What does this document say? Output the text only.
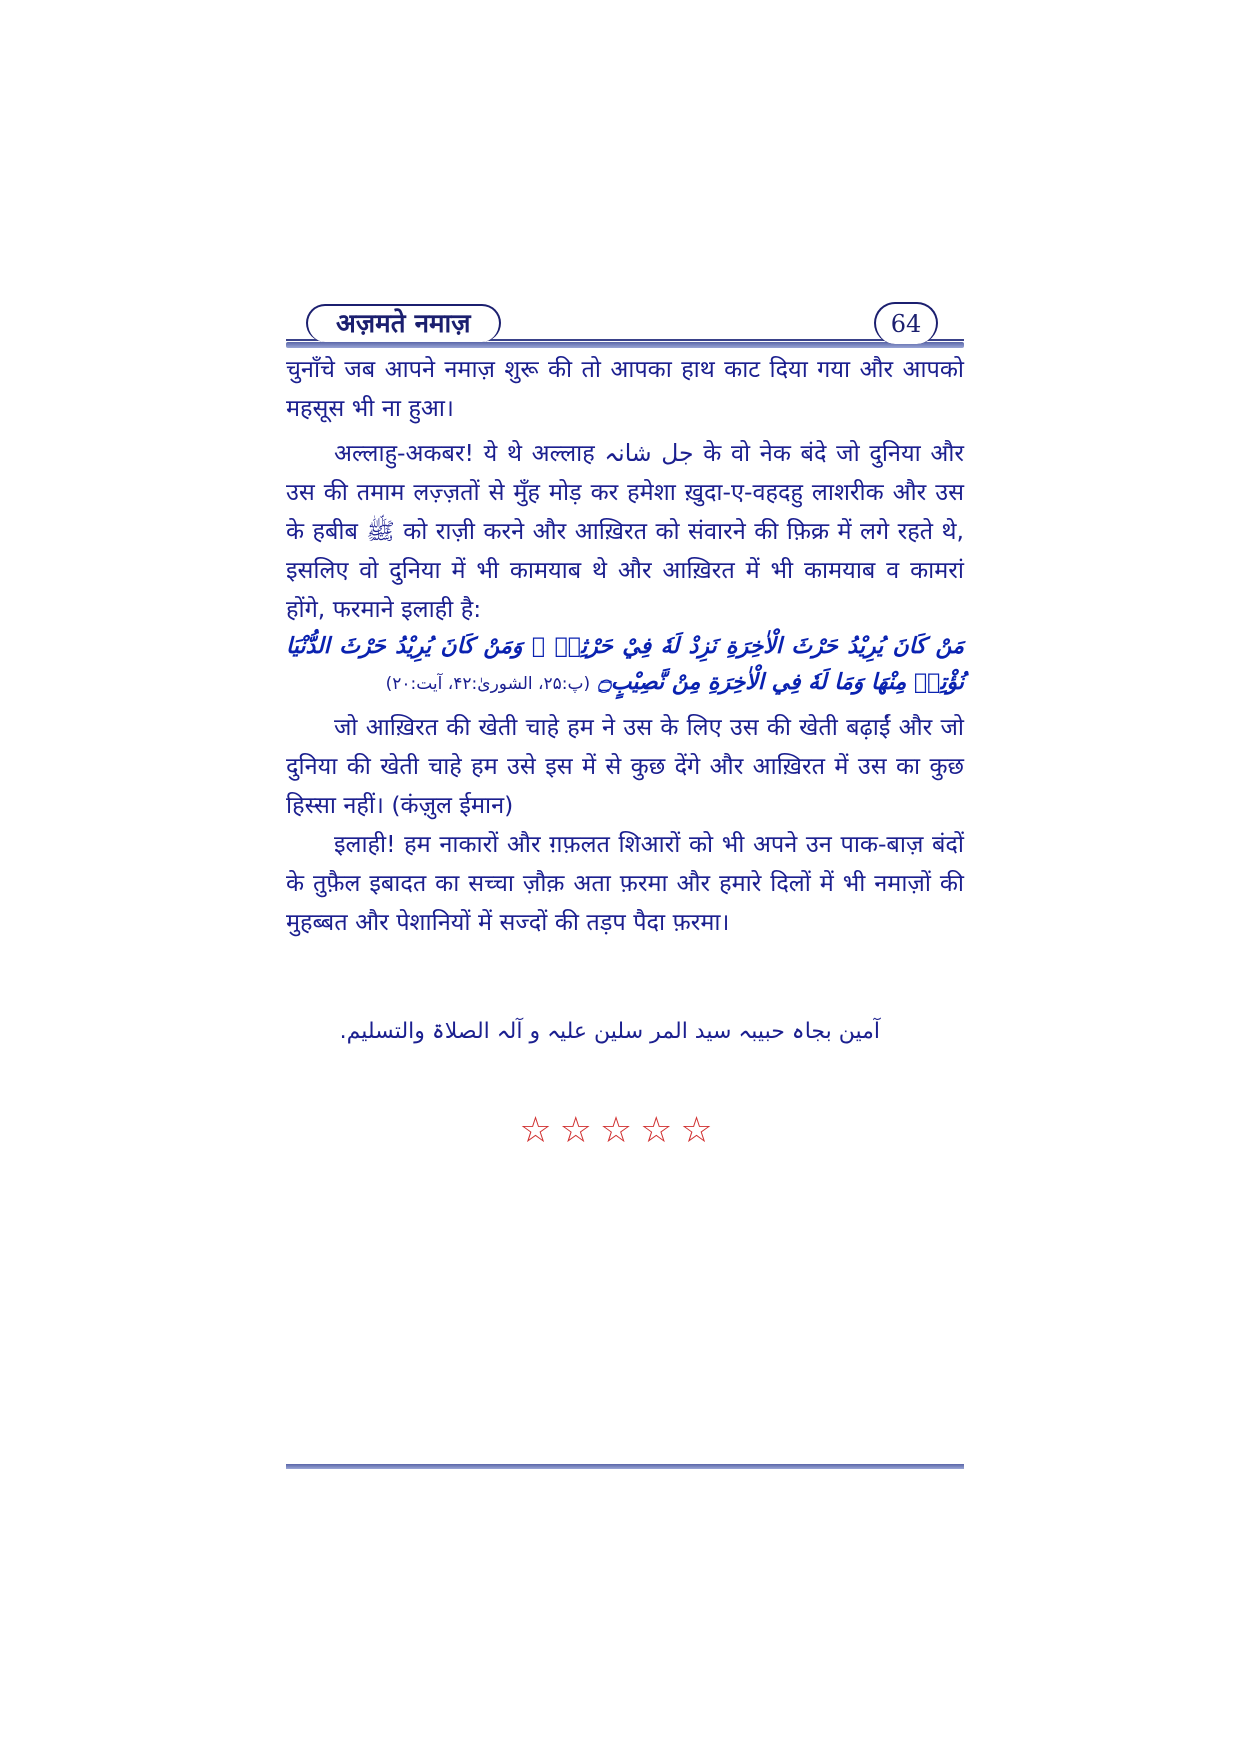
अज़मते नमाज़	64

चुनाँचे जब आपने नमाज़ शुरू की तो आपका हाथ काट दिया गया और आपको महसूस भी ना हुआ।

अल्लाहु-अकबर! ये थे अल्लाह جل شانہ के वो नेक बंदे जो दुनिया और उस की तमाम लज़्ज़तों से मुँह मोड़ कर हमेशा ख़ुदा-ए-वहदहु लाशरीक और उस के हबीब ﷺ को राज़ी करने और आख़िरत को संवारने की फ़िक्र में लगे रहते थे, इसलिए वो दुनिया में भी कामयाब थे और आख़िरत में भी कामयाब व कामरां होंगे, फरमाने इलाही है:

مَنْ كَانَ يُرِيْدُ حَرْثَ الْاٰخِرَةِ نَزِدْ لَهٗ فِيْ حَرْثِهٖ ۚ وَمَنْ كَانَ يُرِيْدُ حَرْثَ الدُّنْيَا نُؤْتِهٖ مِنْهَا وَمَا لَهٗ فِي الْاٰخِرَةِ مِنْ نَّصِيْبٍ۝ (پ:۲۵، الشوریٰ:۴۲، آیت:۲۰)

जो आख़िरत की खेती चाहे हम ने उस के लिए उस की खेती बढ़ाईं और जो दुनिया की खेती चाहे हम उसे इस में से कुछ देंगे और आख़िरत में उस का कुछ हिस्सा नहीं। (कंज़ुल ईमान)

इलाही! हम नाकारों और ग़फ़लत शिआरों को भी अपने उन पाक-बाज़ बंदों के तुफ़ैल इबादत का सच्चा ज़ौक़ अता फ़रमा और हमारे दिलों में भी नमाज़ों की मुहब्बत और पेशानियों में सज्दों की तड़प पैदा फ़रमा।

آمین بجاہ حبیبہ سید المر سلین علیہ و آلہ الصلاۃ والتسلیم.
☆☆☆☆☆
